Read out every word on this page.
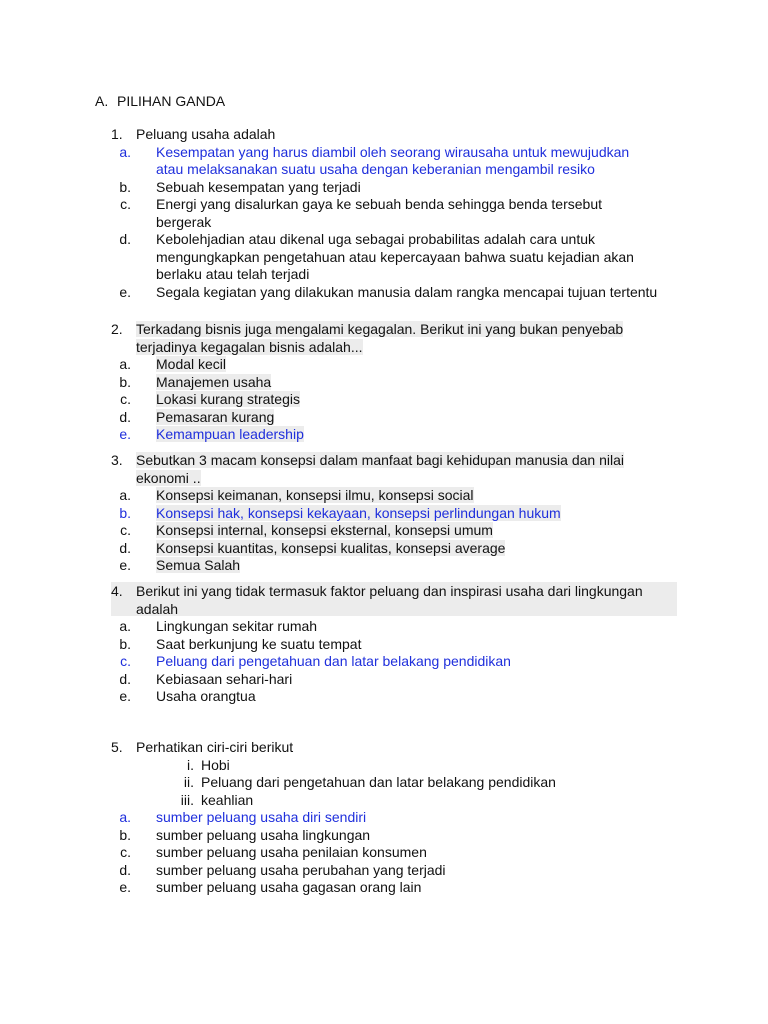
A. PILIHAN GANDA
1. Peluang usaha adalah
a.	Kesempatan yang harus diambil oleh seorang wirausaha untuk mewujudkan atau melaksanakan suatu usaha dengan keberanian mengambil resiko
b.	Sebuah kesempatan yang terjadi
c.	Energi yang disalurkan gaya ke sebuah benda sehingga benda tersebut bergerak
d.	Kebolehjadian atau dikenal uga sebagai probabilitas adalah cara untuk mengungkapkan pengetahuan atau kepercayaan bahwa suatu kejadian akan berlaku atau telah terjadi
e.	Segala kegiatan yang dilakukan manusia dalam rangka mencapai tujuan tertentu
2. Terkadang bisnis juga mengalami kegagalan. Berikut ini yang bukan penyebab terjadinya kegagalan bisnis adalah...
a.	Modal kecil
b.	Manajemen usaha
c.	Lokasi kurang strategis
d.	Pemasaran kurang
e.	Kemampuan leadership
3. Sebutkan 3 macam konsepsi dalam manfaat bagi kehidupan manusia dan nilai ekonomi ..
a.	Konsepsi keimanan, konsepsi ilmu, konsepsi social
b.	Konsepsi hak, konsepsi kekayaan, konsepsi perlindungan hukum
c.	Konsepsi internal, konsepsi eksternal, konsepsi umum
d.	Konsepsi kuantitas, konsepsi kualitas, konsepsi average
e.	Semua Salah
4. Berikut ini yang tidak termasuk faktor peluang dan inspirasi usaha dari lingkungan adalah
a.	Lingkungan sekitar rumah
b.	Saat berkunjung ke suatu tempat
c.	Peluang dari pengetahuan dan latar belakang pendidikan
d.	Kebiasaan sehari-hari
e.	Usaha orangtua
5. Perhatikan ciri-ciri berikut
i. Hobi
ii. Peluang dari pengetahuan dan latar belakang pendidikan
iii. keahlian
a.	sumber peluang usaha diri sendiri
b.	sumber peluang usaha lingkungan
c.	sumber peluang usaha penilaian konsumen
d.	sumber peluang usaha perubahan yang terjadi
e.	sumber peluang usaha gagasan orang lain
